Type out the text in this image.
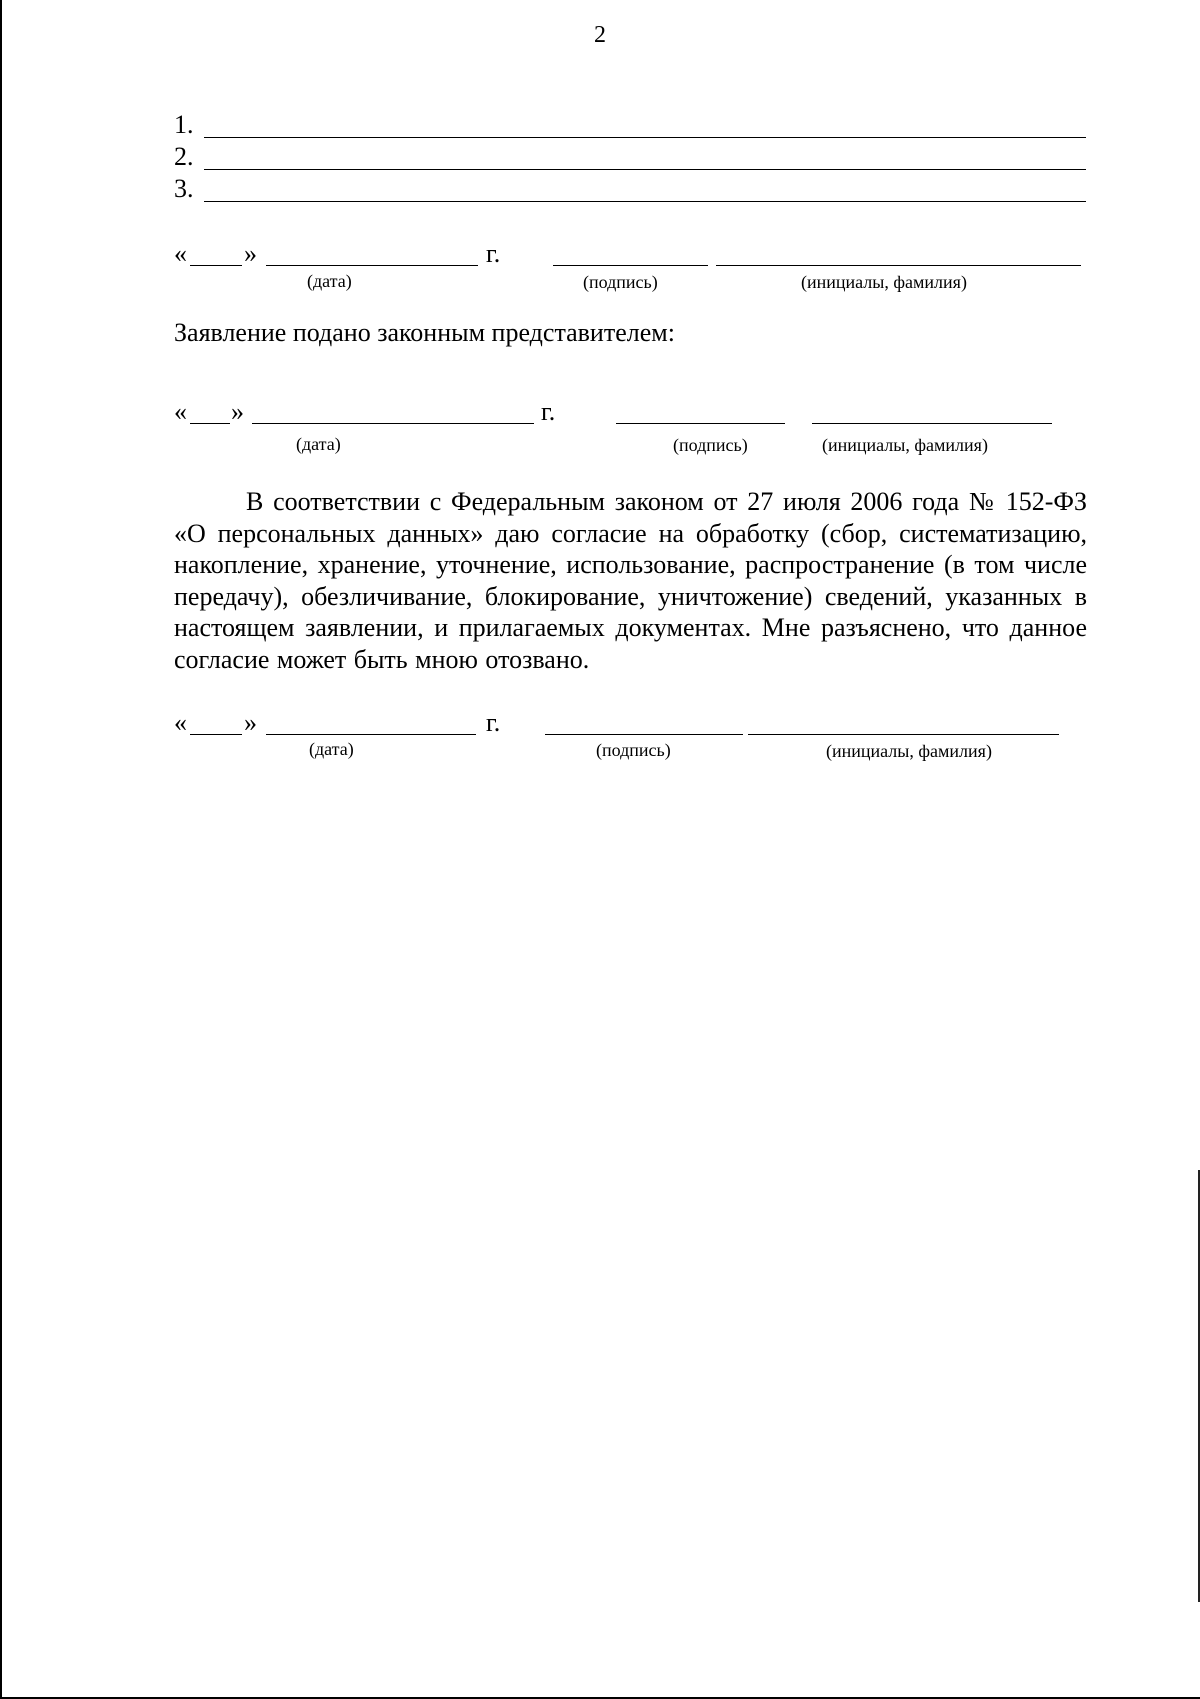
2
1.
2.
3.
« »	г.
(дата)	(подпись)	(инициалы, фамилия)
Заявление подано законным представителем:
« »	г.
(дата)	(подпись)	(инициалы, фамилия)

В соответствии с Федеральным законом от 27 июля 2006 года № 152-ФЗ «О персональных данных» даю согласие на обработку (сбор, систематизацию, накопление, хранение, уточнение, использование, распространение (в том числе передачу), обезличивание, блокирование, уничтожение) сведений, указанных в настоящем заявлении, и прилагаемых документах. Мне разъяснено, что данное согласие может быть мною отозвано.

« »	г.
(дата)	(подпись)	(инициалы, фамилия)
